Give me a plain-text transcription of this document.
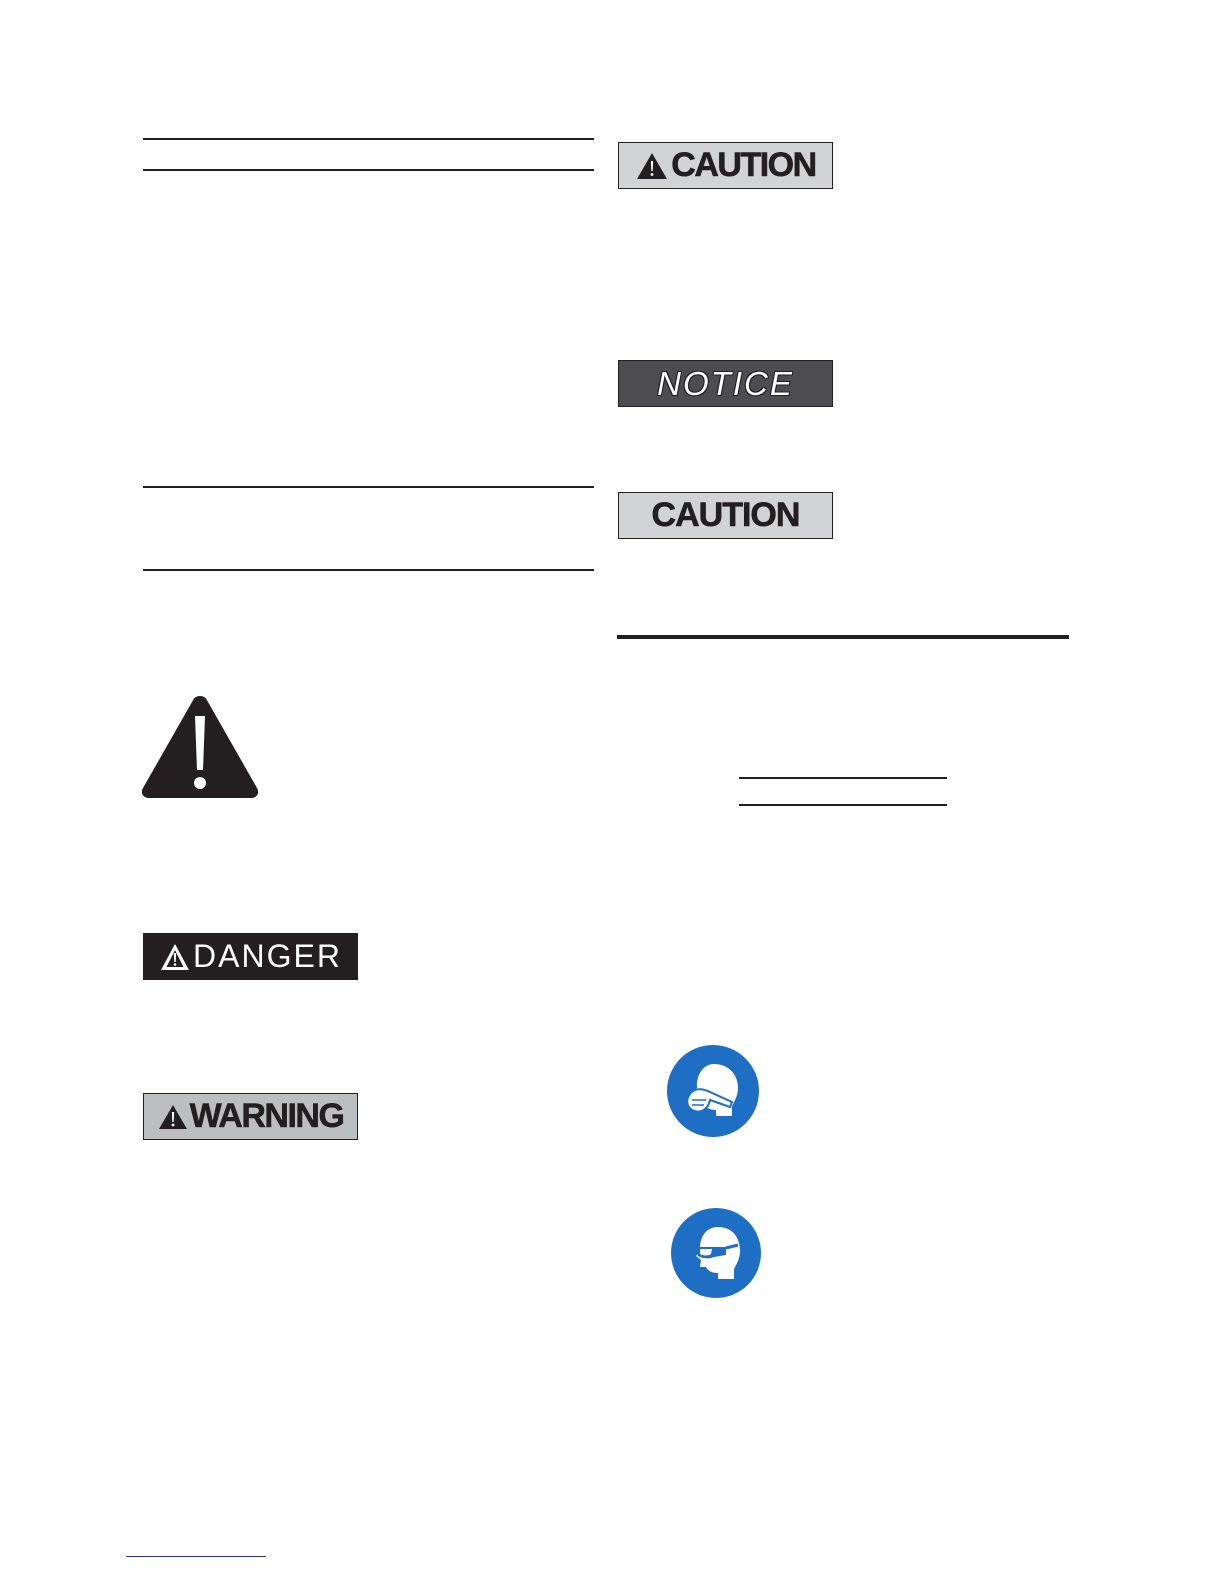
DANGER
WARNING
CAUTION
NOTICE
CAUTION
